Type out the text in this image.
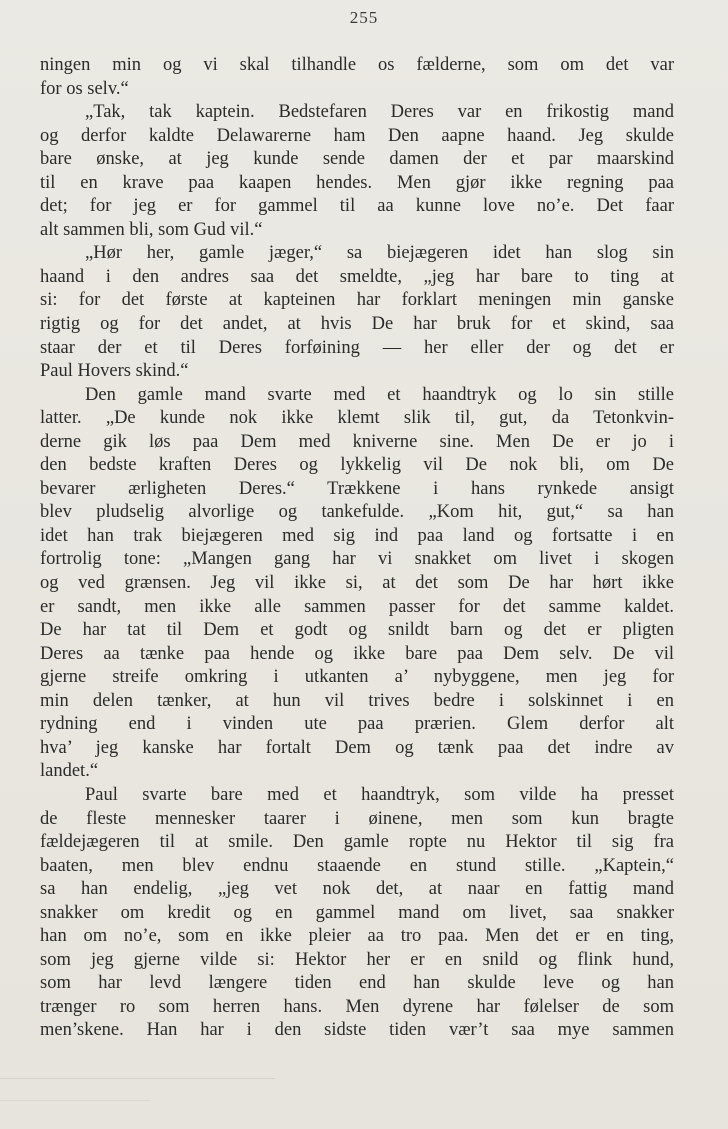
255
ningen min og vi skal tilhandle os fælderne, som om det var
for os selv.“
„Tak, tak kaptein. Bedstefaren Deres var en frikostig mand
og derfor kaldte Delawarerne ham Den aapne haand. Jeg skulde
bare ønske, at jeg kunde sende damen der et par maarskind
til en krave paa kaapen hendes. Men gjør ikke regning paa
det; for jeg er for gammel til aa kunne love no’e. Det faar
alt sammen bli, som Gud vil.“
„Hør her, gamle jæger,“ sa biejægeren idet han slog sin
haand i den andres saa det smeldte, „jeg har bare to ting at
si: for det første at kapteinen har forklart meningen min ganske
rigtig og for det andet, at hvis De har bruk for et skind, saa
staar der et til Deres forføining — her eller der og det er
Paul Hovers skind.“
Den gamle mand svarte med et haandtryk og lo sin stille
latter. „De kunde nok ikke klemt slik til, gut, da Tetonkvin-
derne gik løs paa Dem med kniverne sine. Men De er jo i
den bedste kraften Deres og lykkelig vil De nok bli, om De
bevarer ærligheten Deres.“ Trækkene i hans rynkede ansigt
blev pludselig alvorlige og tankefulde. „Kom hit, gut,“ sa han
idet han trak biejægeren med sig ind paa land og fortsatte i en
fortrolig tone: „Mangen gang har vi snakket om livet i skogen
og ved grænsen. Jeg vil ikke si, at det som De har hørt ikke
er sandt, men ikke alle sammen passer for det samme kaldet.
De har tat til Dem et godt og snildt barn og det er pligten
Deres aa tænke paa hende og ikke bare paa Dem selv. De vil
gjerne streife omkring i utkanten a’ nybyggene, men jeg for
min delen tænker, at hun vil trives bedre i solskinnet i en
rydning end i vinden ute paa prærien. Glem derfor alt
hva’ jeg kanske har fortalt Dem og tænk paa det indre av
landet.“
Paul svarte bare med et haandtryk, som vilde ha presset
de fleste mennesker taarer i øinene, men som kun bragte
fældejægeren til at smile. Den gamle ropte nu Hektor til sig fra
baaten, men blev endnu staaende en stund stille. „Kaptein,“
sa han endelig, „jeg vet nok det, at naar en fattig mand
snakker om kredit og en gammel mand om livet, saa snakker
han om no’e, som en ikke pleier aa tro paa. Men det er en ting,
som jeg gjerne vilde si: Hektor her er en snild og flink hund,
som har levd længere tiden end han skulde leve og han
trænger ro som herren hans. Men dyrene har følelser de som
men’skene. Han har i den sidste tiden vær’t saa mye sammen
